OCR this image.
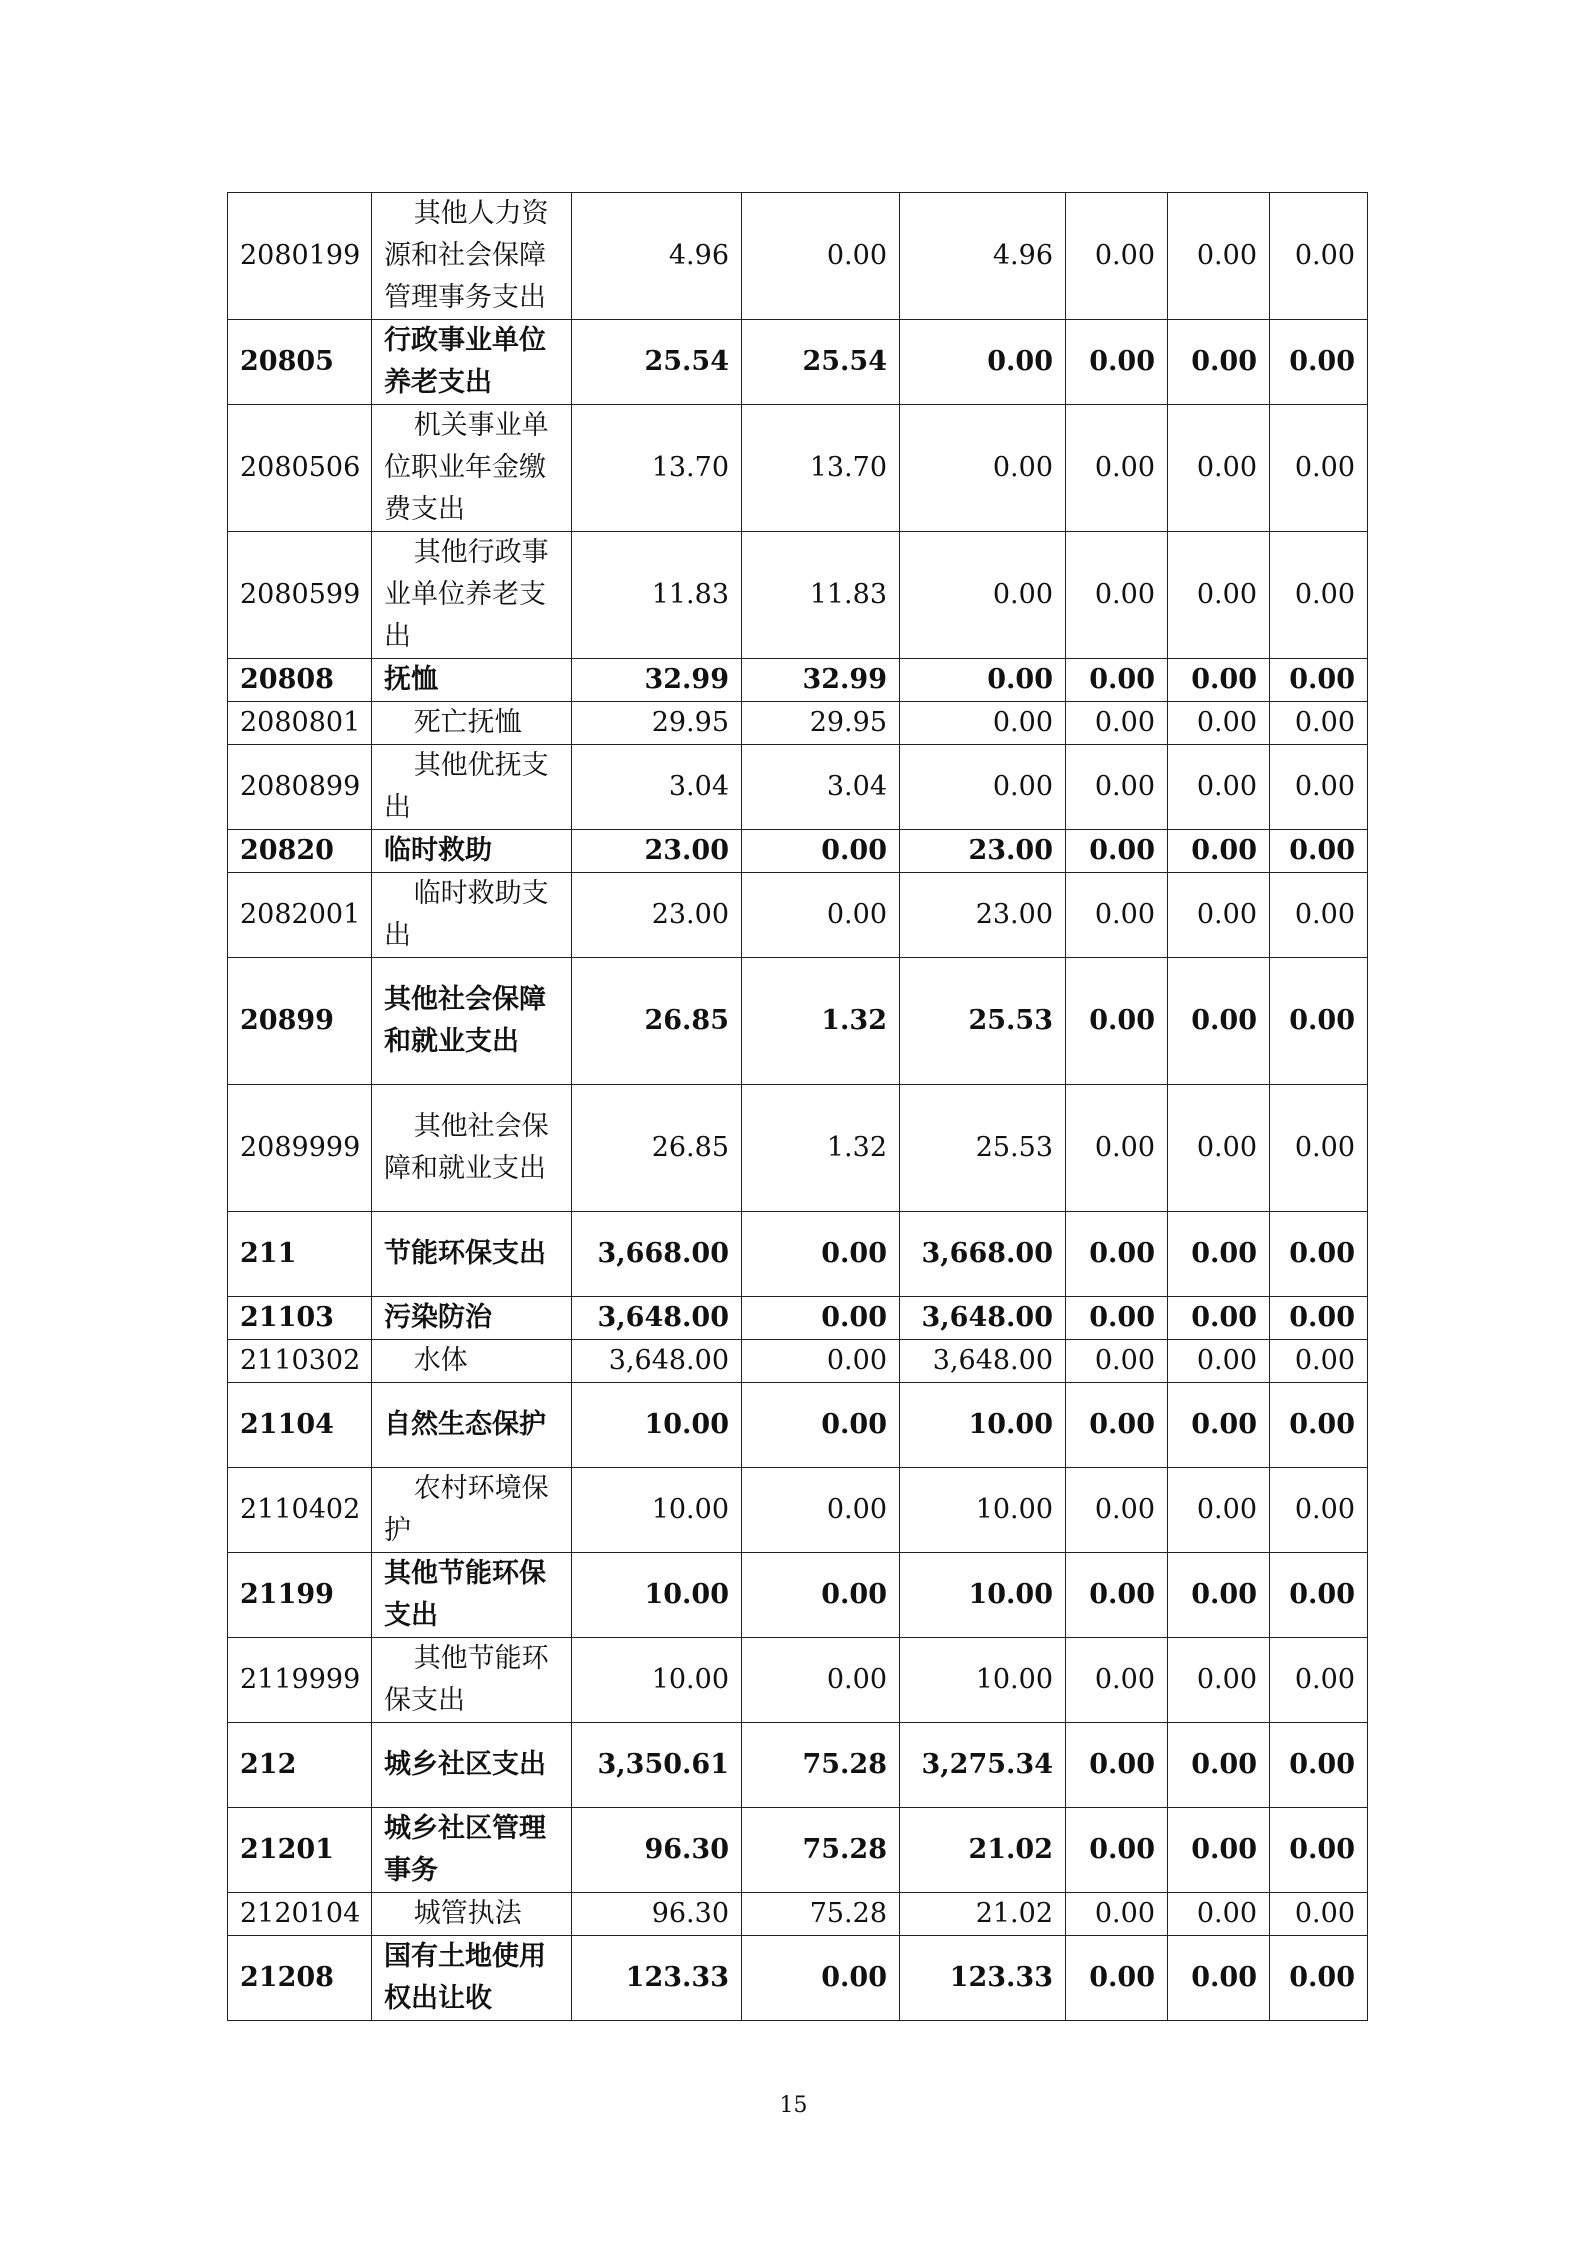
2080199	其他人力资源和社会保障管理事务支出	4.96	0.00	4.96	0.00	0.00	0.00
20805	行政事业单位养老支出	25.54	25.54	0.00	0.00	0.00	0.00
2080506	机关事业单位职业年金缴费支出	13.70	13.70	0.00	0.00	0.00	0.00
2080599	其他行政事业单位养老支出	11.83	11.83	0.00	0.00	0.00	0.00
20808	抚恤	32.99	32.99	0.00	0.00	0.00	0.00
2080801	死亡抚恤	29.95	29.95	0.00	0.00	0.00	0.00
2080899	其他优抚支出	3.04	3.04	0.00	0.00	0.00	0.00
20820	临时救助	23.00	0.00	23.00	0.00	0.00	0.00
2082001	临时救助支出	23.00	0.00	23.00	0.00	0.00	0.00
20899	其他社会保障和就业支出	26.85	1.32	25.53	0.00	0.00	0.00
2089999	其他社会保障和就业支出	26.85	1.32	25.53	0.00	0.00	0.00
211	节能环保支出	3,668.00	0.00	3,668.00	0.00	0.00	0.00
21103	污染防治	3,648.00	0.00	3,648.00	0.00	0.00	0.00
2110302	水体	3,648.00	0.00	3,648.00	0.00	0.00	0.00
21104	自然生态保护	10.00	0.00	10.00	0.00	0.00	0.00
2110402	农村环境保护	10.00	0.00	10.00	0.00	0.00	0.00
21199	其他节能环保支出	10.00	0.00	10.00	0.00	0.00	0.00
2119999	其他节能环保支出	10.00	0.00	10.00	0.00	0.00	0.00
212	城乡社区支出	3,350.61	75.28	3,275.34	0.00	0.00	0.00
21201	城乡社区管理事务	96.30	75.28	21.02	0.00	0.00	0.00
2120104	城管执法	96.30	75.28	21.02	0.00	0.00	0.00
21208	国有土地使用权出让收	123.33	0.00	123.33	0.00	0.00	0.00
15
